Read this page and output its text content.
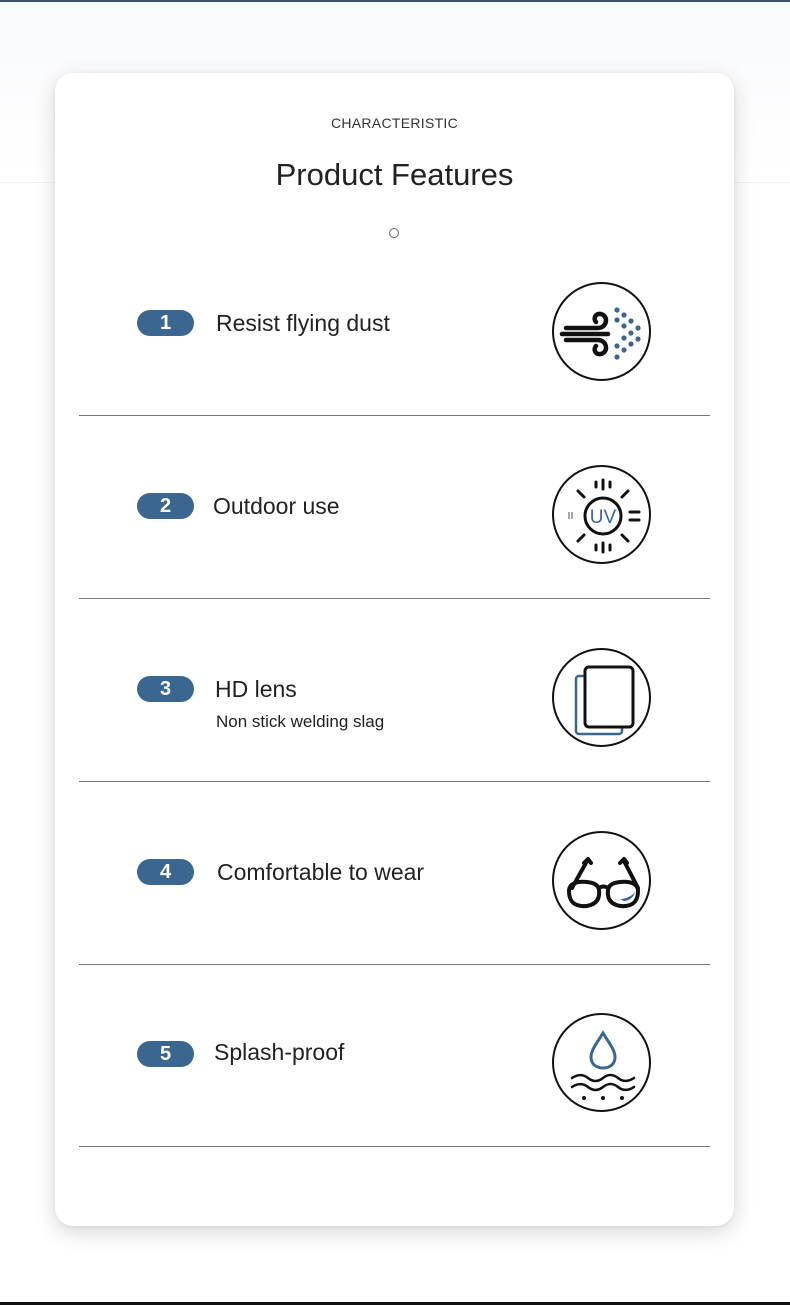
CHARACTERISTIC
Product Features
1	Resist flying dust
2	Outdoor use	UV
3	HD lens
Non stick welding slag
4	Comfortable to wear
5	Splash-proof
